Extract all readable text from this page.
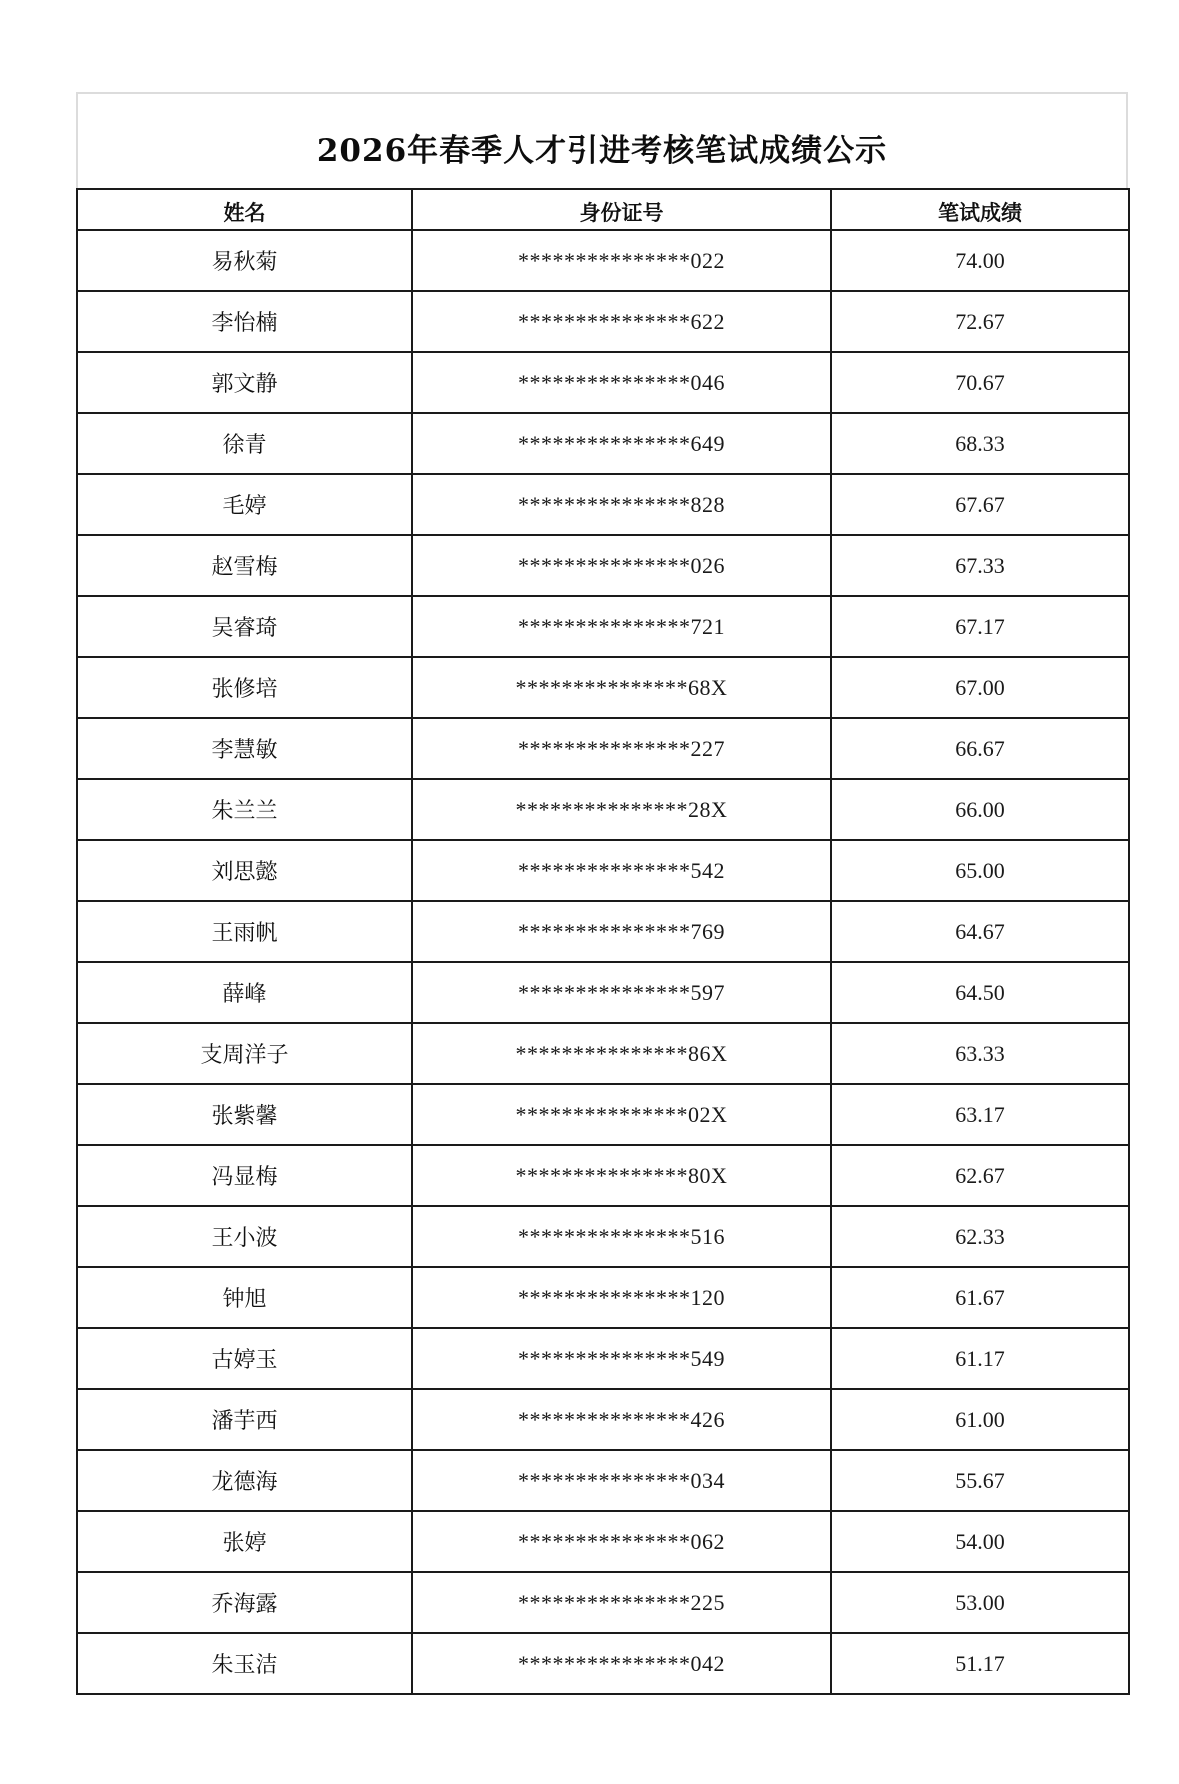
2026年春季人才引进考核笔试成绩公示
姓名	身份证号	笔试成绩
易秋菊	***************022	74.00
李怡楠	***************622	72.67
郭文静	***************046	70.67
徐青	***************649	68.33
毛婷	***************828	67.67
赵雪梅	***************026	67.33
吴睿琦	***************721	67.17
张修培	***************68X	67.00
李慧敏	***************227	66.67
朱兰兰	***************28X	66.00
刘思懿	***************542	65.00
王雨帆	***************769	64.67
薛峰	***************597	64.50
支周洋子	***************86X	63.33
张紫馨	***************02X	63.17
冯显梅	***************80X	62.67
王小波	***************516	62.33
钟旭	***************120	61.67
古婷玉	***************549	61.17
潘芋西	***************426	61.00
龙德海	***************034	55.67
张婷	***************062	54.00
乔海露	***************225	53.00
朱玉洁	***************042	51.17
